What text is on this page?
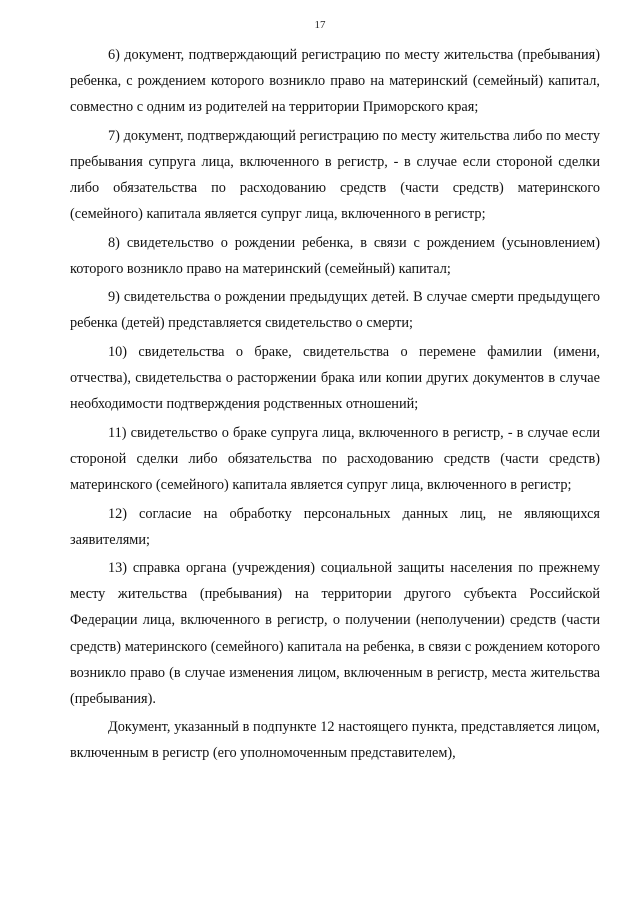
17

6) документ, подтверждающий регистрацию по месту жительства (пребывания) ребенка, с рождением которого возникло право на материнский (семейный) капитал, совместно с одним из родителей на территории Приморского края;

7) документ, подтверждающий регистрацию по месту жительства либо по месту пребывания супруга лица, включенного в регистр, - в случае если стороной сделки либо обязательства по расходованию средств (части средств) материнского (семейного) капитала является супруг лица, включенного в регистр;

8) свидетельство о рождении ребенка, в связи с рождением (усыновлением) которого возникло право на материнский (семейный) капитал;

9) свидетельства о рождении предыдущих детей. В случае смерти предыдущего ребенка (детей) представляется свидетельство о смерти;

10) свидетельства о браке, свидетельства о перемене фамилии (имени, отчества), свидетельства о расторжении брака или копии других документов в случае необходимости подтверждения родственных отношений;

11) свидетельство о браке супруга лица, включенного в регистр, - в случае если стороной сделки либо обязательства по расходованию средств (части средств) материнского (семейного) капитала является супруг лица, включенного в регистр;

12) согласие на обработку персональных данных лиц, не являющихся заявителями;

13) справка органа (учреждения) социальной защиты населения по прежнему месту жительства (пребывания) на территории другого субъекта Российской Федерации лица, включенного в регистр, о получении (неполучении) средств (части средств) материнского (семейного) капитала на ребенка, в связи с рождением которого возникло право (в случае изменения лицом, включенным в регистр, места жительства (пребывания).

Документ, указанный в подпункте 12 настоящего пункта, представляется лицом, включенным в регистр (его уполномоченным представителем),
